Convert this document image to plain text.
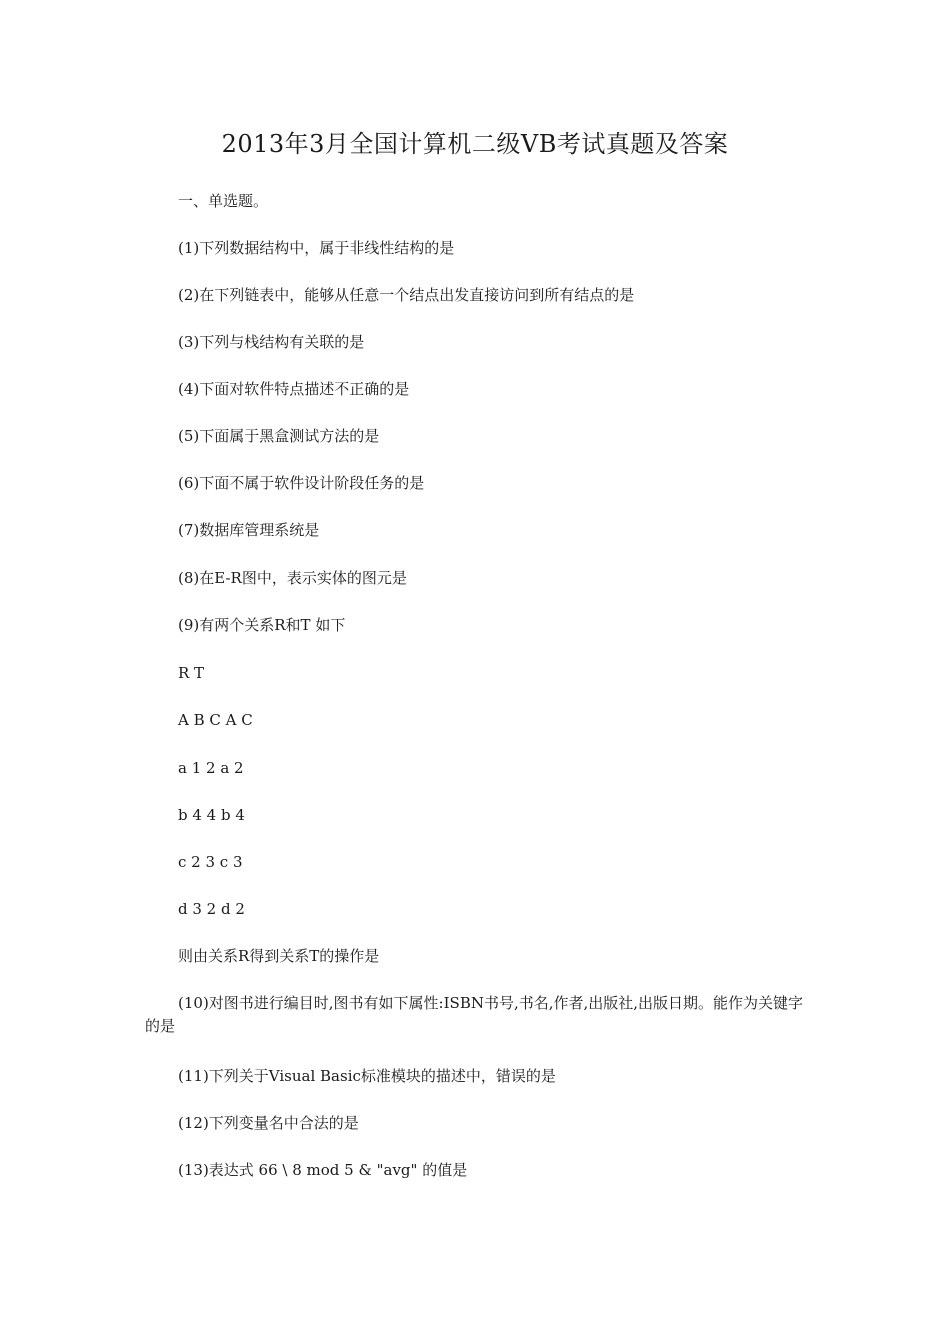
2013年3月全国计算机二级VB考试真题及答案

一、单选题。

(1)下列数据结构中，属于非线性结构的是

(2)在下列链表中，能够从任意一个结点出发直接访问到所有结点的是

(3)下列与栈结构有关联的是

(4)下面对软件特点描述不正确的是

(5)下面属于黑盒测试方法的是

(6)下面不属于软件设计阶段任务的是

(7)数据库管理系统是

(8)在E-R图中，表示实体的图元是

(9)有两个关系R和T 如下

R T

A B C A C

a 1 2 a 2

b 4 4 b 4

c 2 3 c 3

d 3 2 d 2

则由关系R得到关系T的操作是

(10)对图书进行编目时,图书有如下属性:ISBN书号,书名,作者,出版社,出版日期。能作为关键字的是

(11)下列关于Visual Basic标准模块的描述中，错误的是

(12)下列变量名中合法的是

(13)表达式 66 \ 8 mod 5 & "avg" 的值是
